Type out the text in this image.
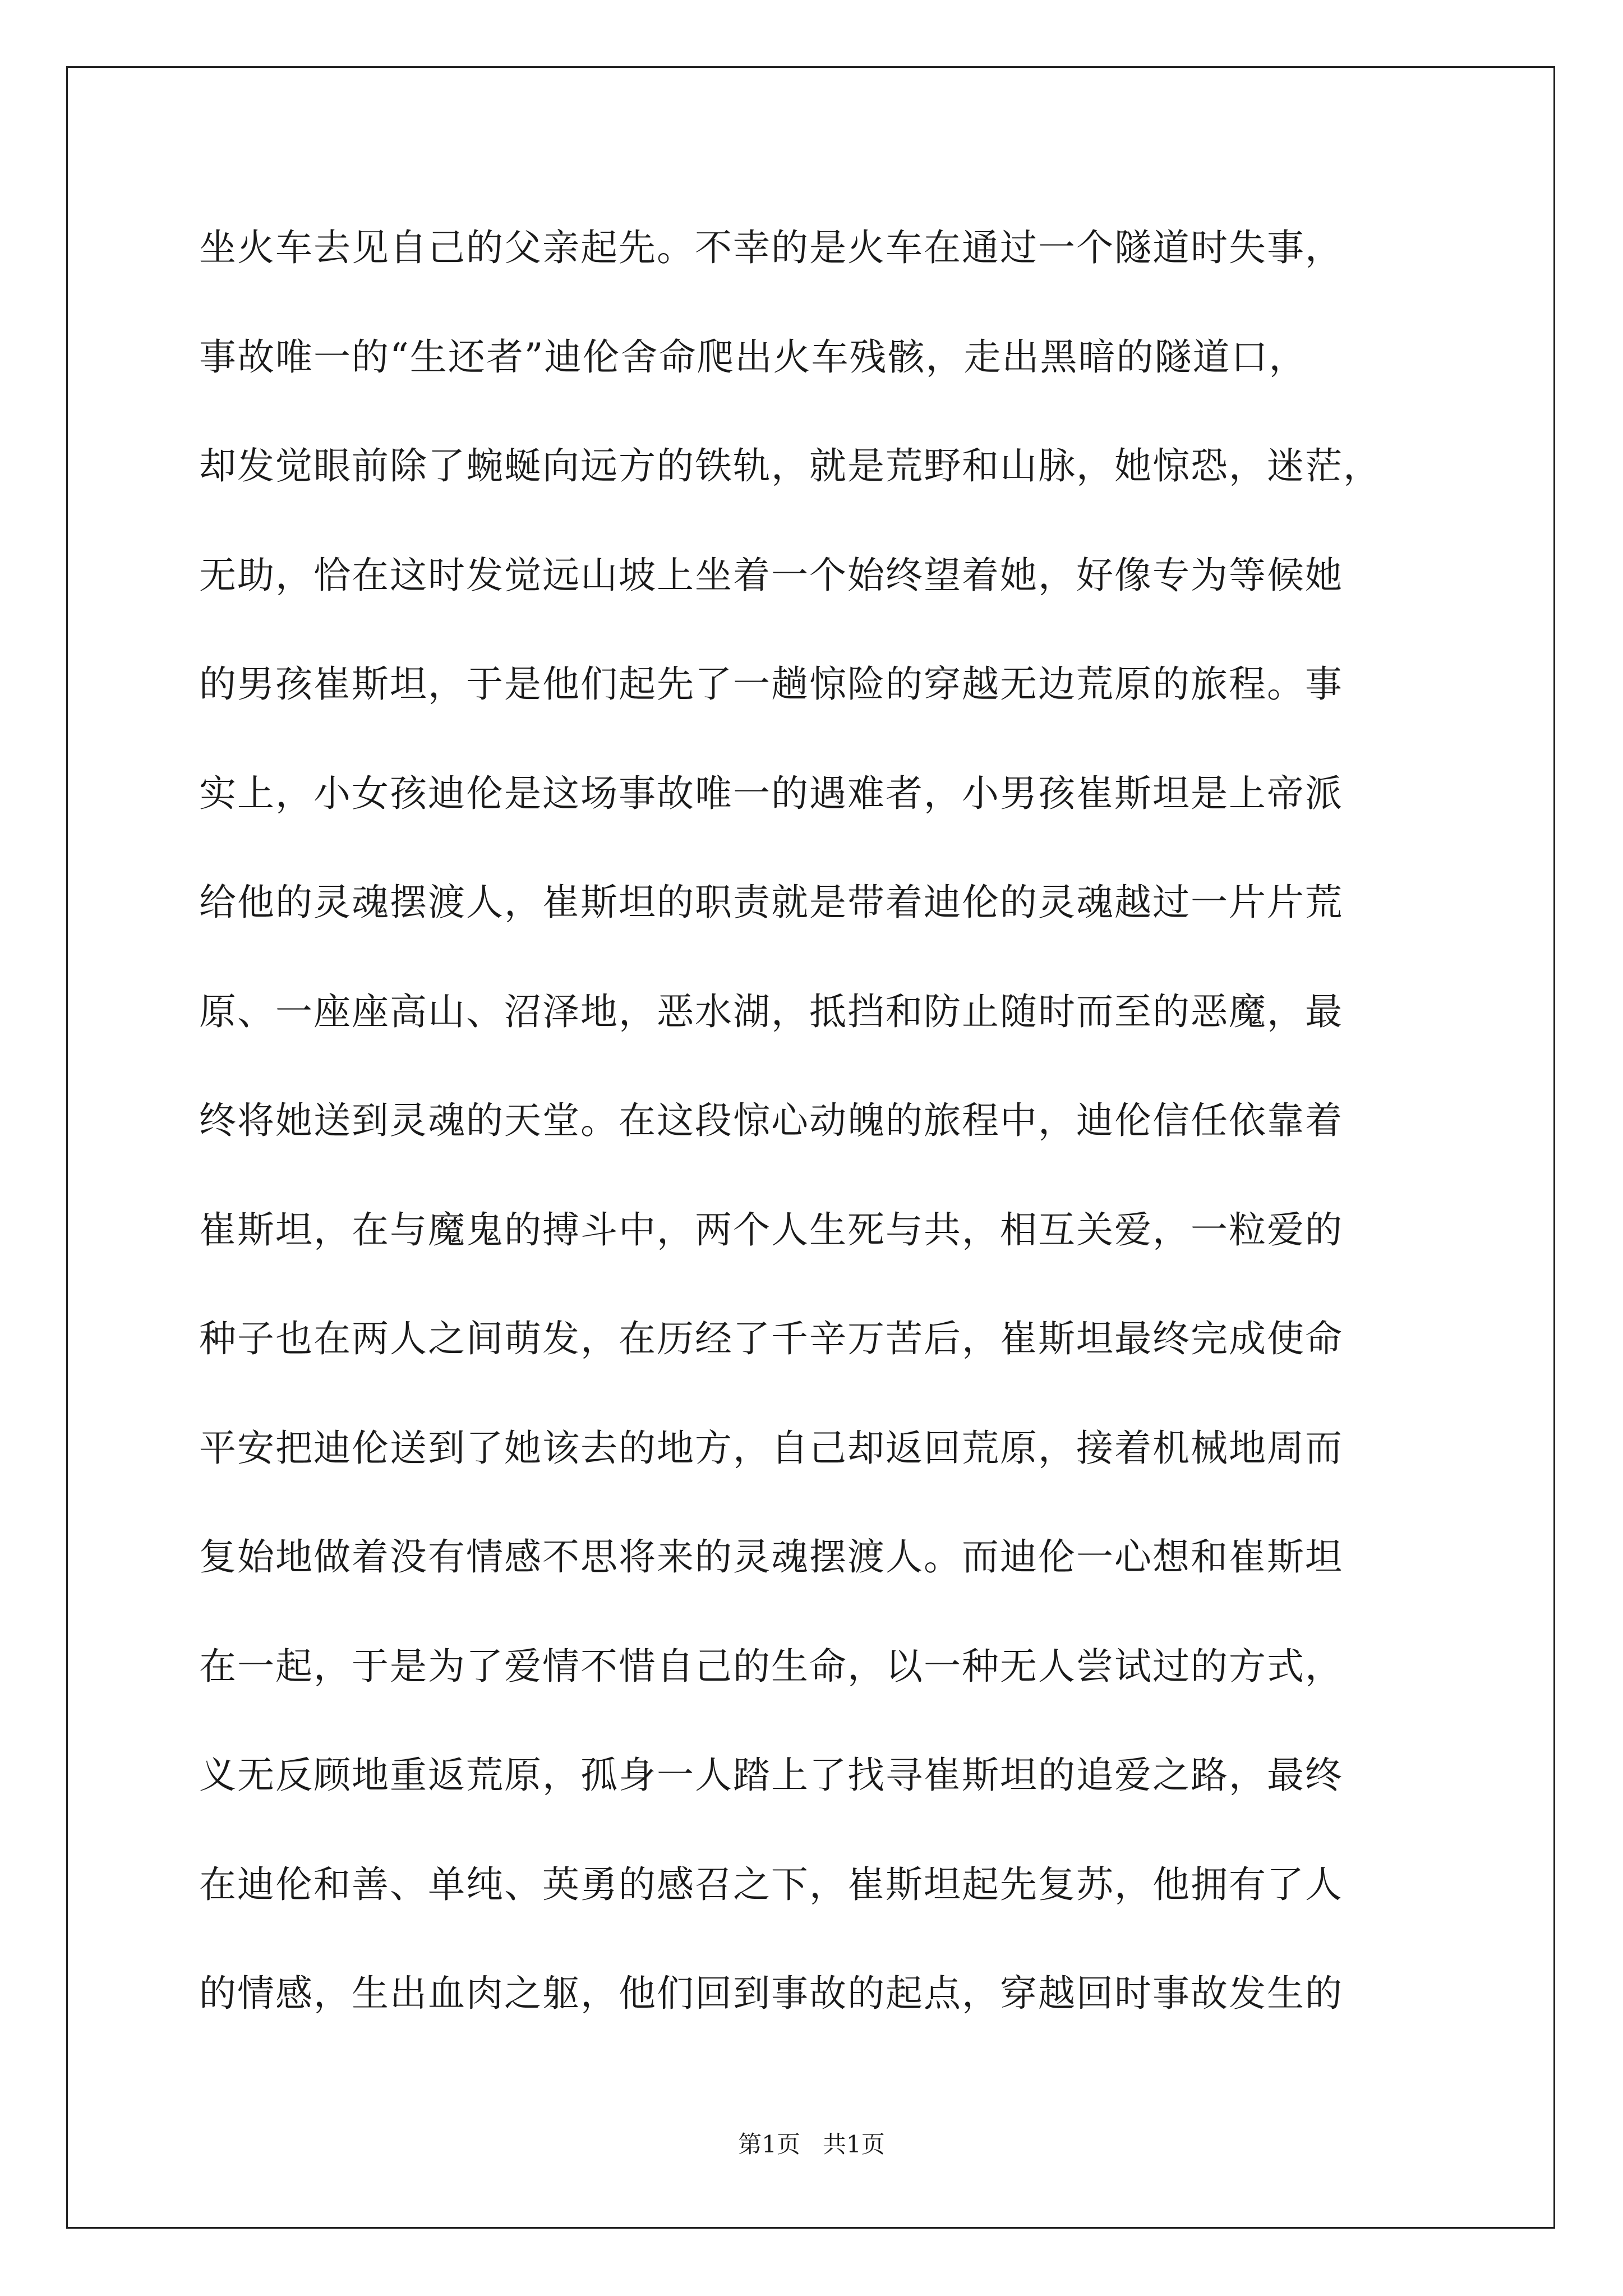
坐火车去见自己的父亲起先。不幸的是火车在通过一个隧道时失事，
事故唯一的“生还者”迪伦舍命爬出火车残骸，走出黑暗的隧道口，
却发觉眼前除了蜿蜒向远方的铁轨，就是荒野和山脉，她惊恐，迷茫，
无助，恰在这时发觉远山坡上坐着一个始终望着她，好像专为等候她
的男孩崔斯坦，于是他们起先了一趟惊险的穿越无边荒原的旅程。事
实上，小女孩迪伦是这场事故唯一的遇难者，小男孩崔斯坦是上帝派
给他的灵魂摆渡人，崔斯坦的职责就是带着迪伦的灵魂越过一片片荒
原、一座座高山、沼泽地，恶水湖，抵挡和防止随时而至的恶魔，最
终将她送到灵魂的天堂。在这段惊心动魄的旅程中，迪伦信任依靠着
崔斯坦，在与魔鬼的搏斗中，两个人生死与共，相互关爱，一粒爱的
种子也在两人之间萌发，在历经了千辛万苦后，崔斯坦最终完成使命
平安把迪伦送到了她该去的地方，自己却返回荒原，接着机械地周而
复始地做着没有情感不思将来的灵魂摆渡人。而迪伦一心想和崔斯坦
在一起，于是为了爱情不惜自己的生命，以一种无人尝试过的方式，
义无反顾地重返荒原，孤身一人踏上了找寻崔斯坦的追爱之路，最终
在迪伦和善、单纯、英勇的感召之下，崔斯坦起先复苏，他拥有了人
的情感，生出血肉之躯，他们回到事故的起点，穿越回时事故发生的
第1页   共1页
